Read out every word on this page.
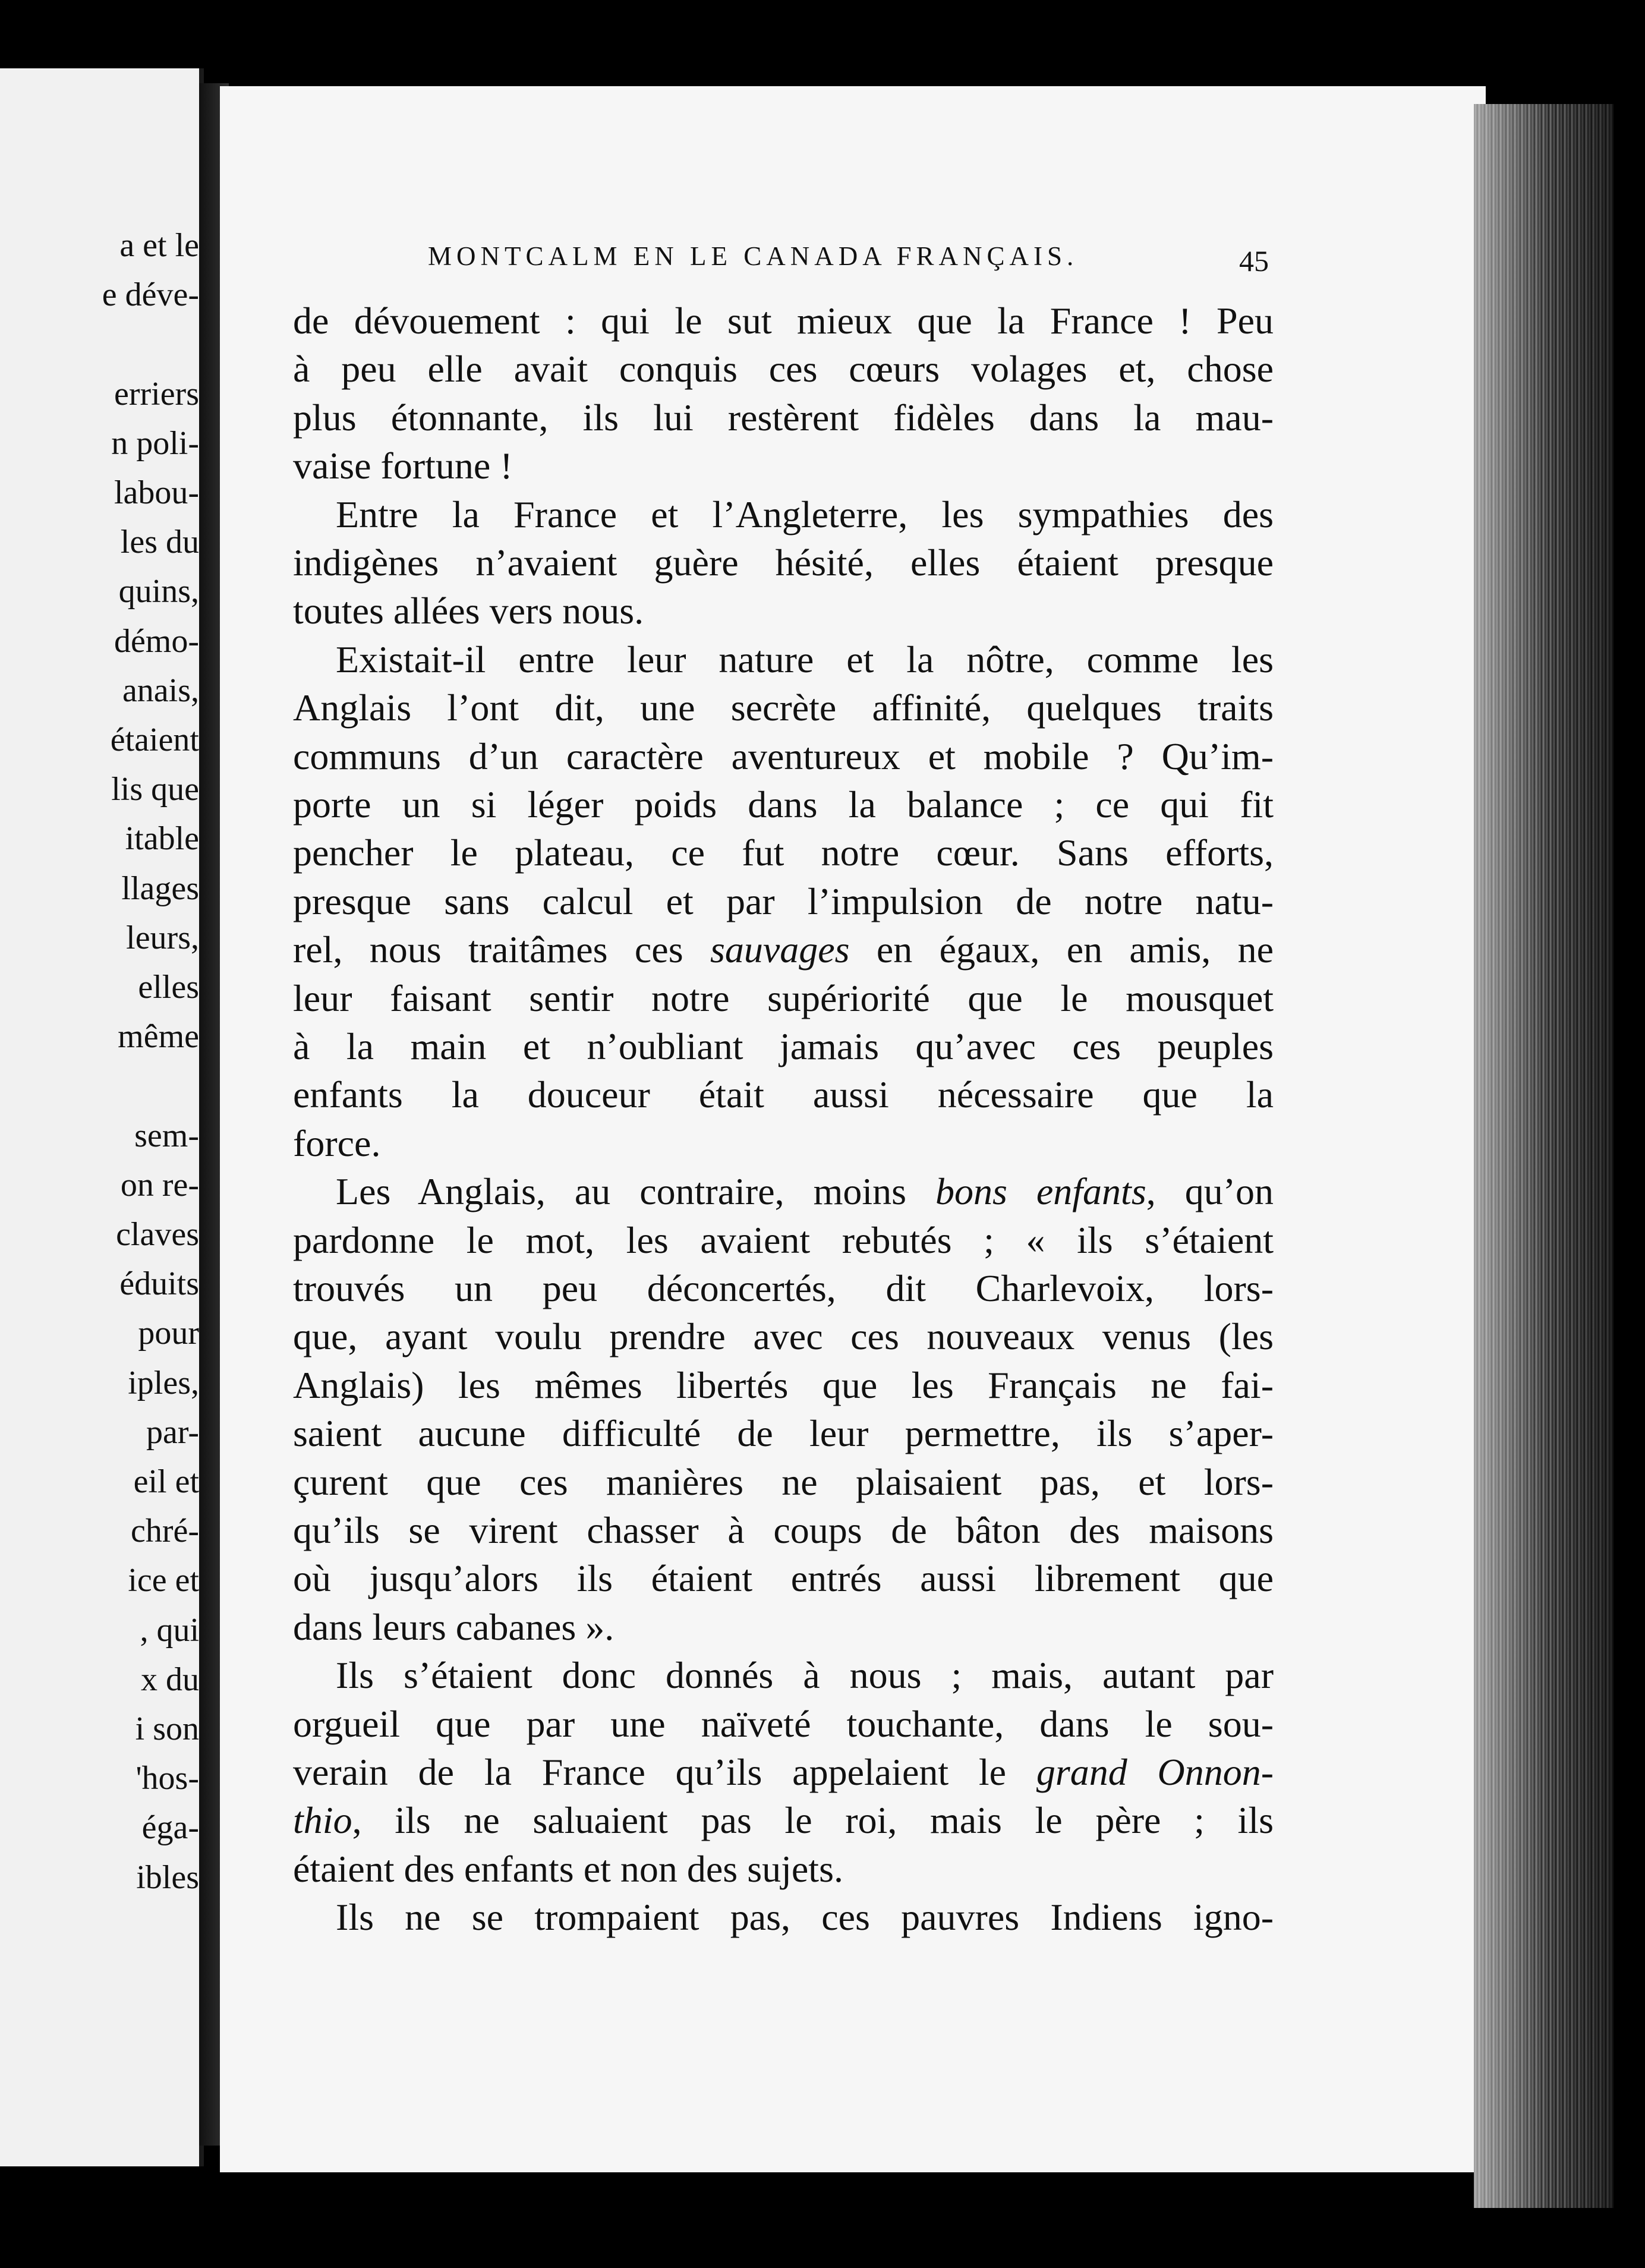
a et le
e déve-
erriers
n poli-
labou-
les du
quins,
démo-
anais,
étaient
lis que
itable
llages
leurs,
elles
même
sem-
on re-
claves
éduits
pour
iples,
par-
eil et
chré-
ice et
, qui
x du
i son
'hos-
éga-
ibles
MONTCALM EN LE CANADA FRANÇAIS.	45
de dévouement : qui le sut mieux que la France ! Peu
à peu elle avait conquis ces cœurs volages et, chose
plus étonnante, ils lui restèrent fidèles dans la mau-
vaise fortune !
Entre la France et l’Angleterre, les sympathies des
indigènes n’avaient guère hésité, elles étaient presque
toutes allées vers nous.
Existait-il entre leur nature et la nôtre, comme les
Anglais l’ont dit, une secrète affinité, quelques traits
communs d’un caractère aventureux et mobile ? Qu’im-
porte un si léger poids dans la balance ; ce qui fit
pencher le plateau, ce fut notre cœur. Sans efforts,
presque sans calcul et par l’impulsion de notre natu-
rel, nous traitâmes ces sauvages en égaux, en amis, ne
leur faisant sentir notre supériorité que le mousquet
à la main et n’oubliant jamais qu’avec ces peuples
enfants la douceur était aussi nécessaire que la
force.
Les Anglais, au contraire, moins bons enfants, qu’on
pardonne le mot, les avaient rebutés ; « ils s’étaient
trouvés un peu déconcertés, dit Charlevoix, lors-
que, ayant voulu prendre avec ces nouveaux venus (les
Anglais) les mêmes libertés que les Français ne fai-
saient aucune difficulté de leur permettre, ils s’aper-
çurent que ces manières ne plaisaient pas, et lors-
qu’ils se virent chasser à coups de bâton des maisons
où jusqu’alors ils étaient entrés aussi librement que
dans leurs cabanes ».
Ils s’étaient donc donnés à nous ; mais, autant par
orgueil que par une naïveté touchante, dans le sou-
verain de la France qu’ils appelaient le grand Onnon-
thio, ils ne saluaient pas le roi, mais le père ; ils
étaient des enfants et non des sujets.
Ils ne se trompaient pas, ces pauvres Indiens igno-
